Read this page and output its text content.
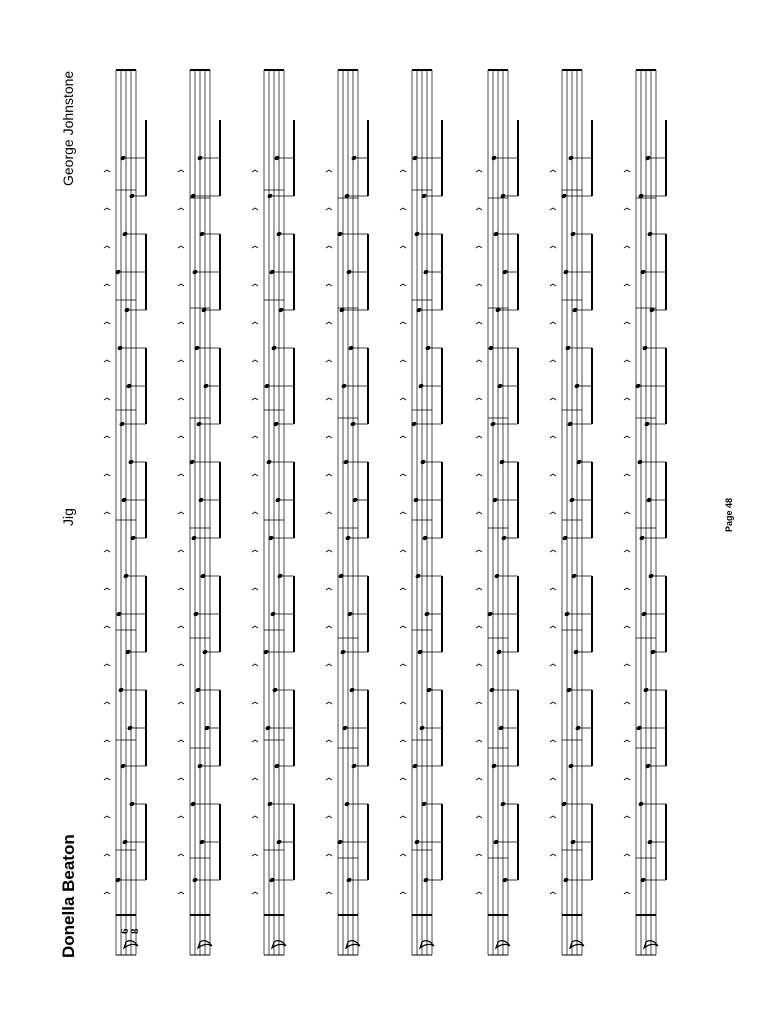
Donella Beaton
Jig
George Johnstone
Page 48
6
8
